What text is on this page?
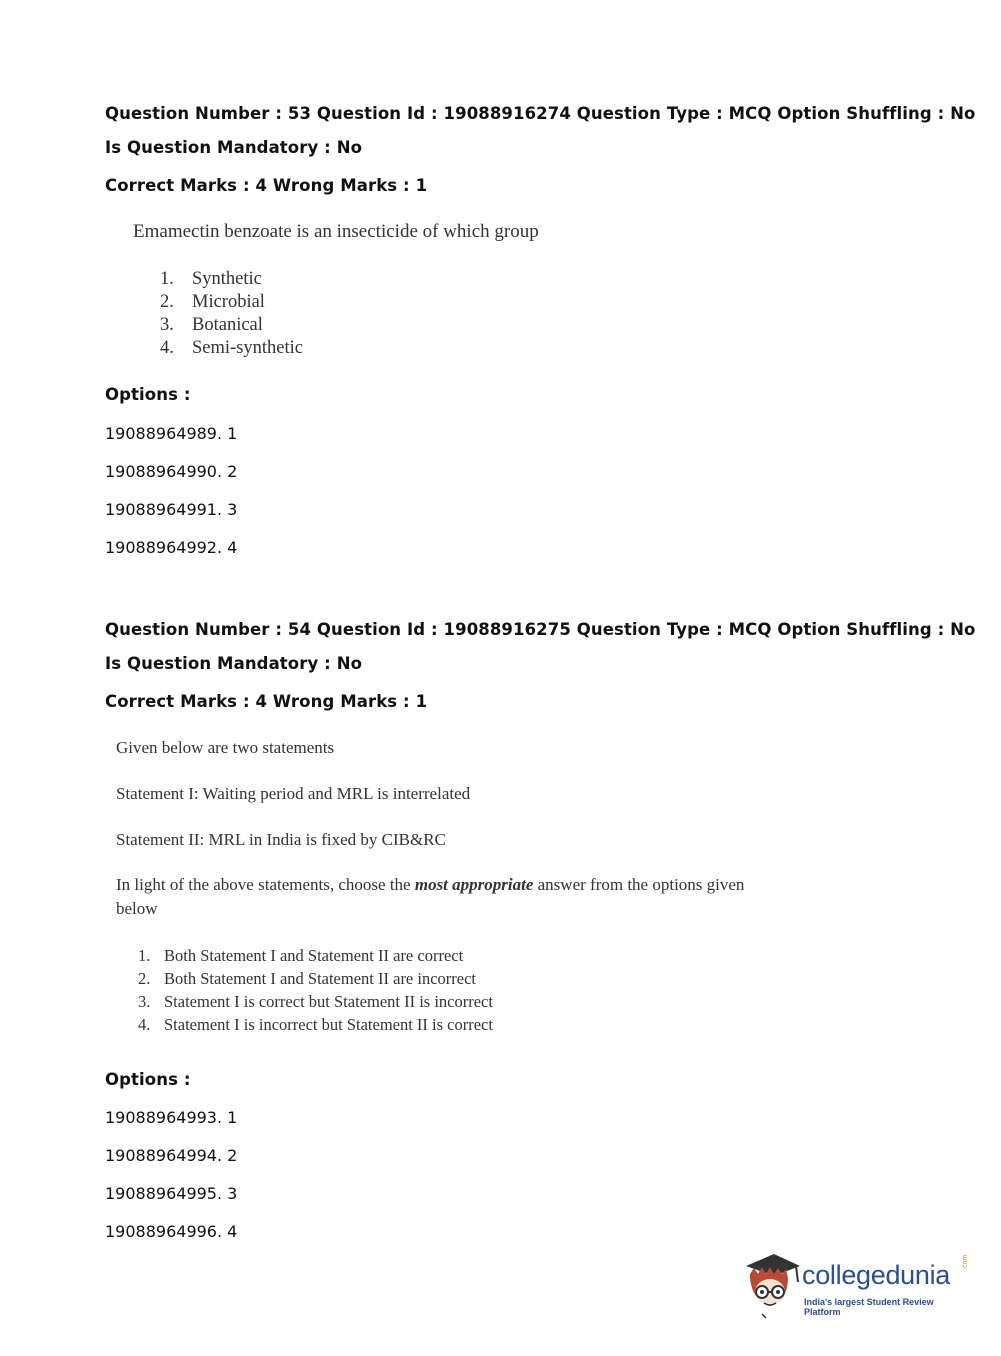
Question Number : 53 Question Id : 19088916274 Question Type : MCQ Option Shuffling : No
Is Question Mandatory : No
Correct Marks : 4 Wrong Marks : 1
Emamectin benzoate is an insecticide of which group
1. Synthetic
2. Microbial
3. Botanical
4. Semi-synthetic
Options :
19088964989. 1
19088964990. 2
19088964991. 3
19088964992. 4
Question Number : 54 Question Id : 19088916275 Question Type : MCQ Option Shuffling : No
Is Question Mandatory : No
Correct Marks : 4 Wrong Marks : 1
Given below are two statements
Statement I: Waiting period and MRL is interrelated
Statement II: MRL in India is fixed by CIB&RC
In light of the above statements, choose the most appropriate answer from the options given
below
1. Both Statement I and Statement II are correct
2. Both Statement I and Statement II are incorrect
3. Statement I is correct but Statement II is incorrect
4. Statement I is incorrect but Statement II is correct
Options :
19088964993. 1
19088964994. 2
19088964995. 3
19088964996. 4
collegedunia .com
India's largest Student Review Platform
